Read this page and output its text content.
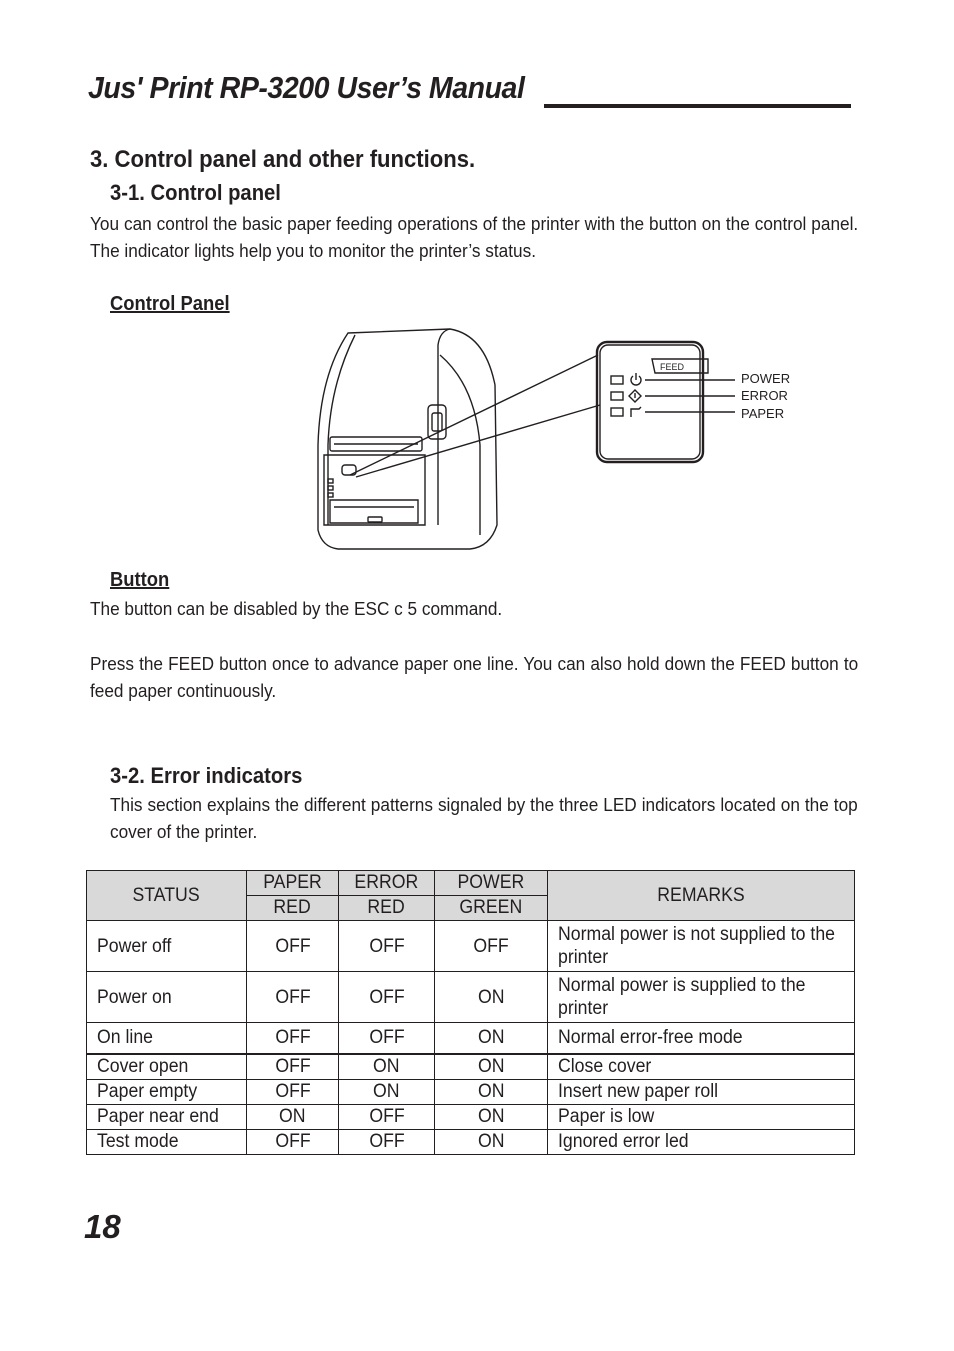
Jus' Print RP-3200 User’s Manual
3. Control panel and other functions.
3-1. Control panel
You can control the basic paper feeding operations of the printer with the button on the control panel. The indicator lights help you to monitor the printer’s status.
Control Panel
FEED
POWER
ERROR
PAPER
Button
The button can be disabled by the ESC c 5 command.
Press the FEED button once to advance paper one line. You can also hold down the FEED button to feed paper continuously.
3-2. Error indicators
This section explains the different patterns signaled by the three LED indicators located on the top cover of the printer.
STATUS	PAPER	ERROR	POWER	REMARKS
	RED	RED	GREEN	
Power off	OFF	OFF	OFF	Normal power is not supplied to the printer

Power on	OFF	OFF	ON	Normal power is supplied to the printer

On line	OFF	OFF	ON	Normal error-free mode
Cover open	OFF	ON	ON	Close cover
Paper empty	OFF	ON	ON	Insert new paper roll
Paper near end	ON	OFF	ON	Paper is low
Test mode	OFF	OFF	ON	Ignored error led
18
